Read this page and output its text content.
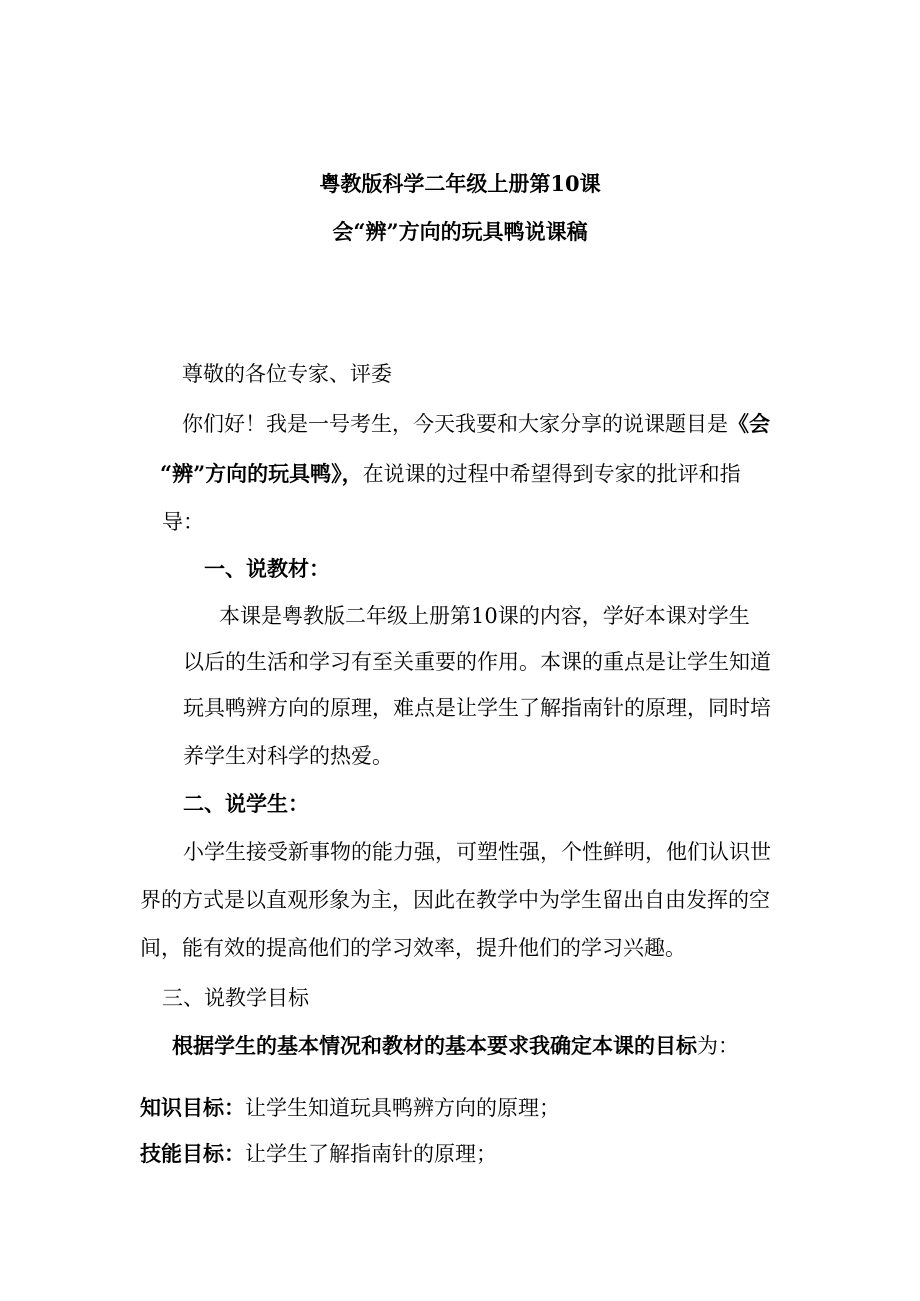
粤教版科学二年级上册第10课
会“辨”方向的玩具鸭说课稿
尊敬的各位专家、评委
你们好！我是一号考生，今天我要和大家分享的说课题目是《会
“辨”方向的玩具鸭》，在说课的过程中希望得到专家的批评和指
导：
一、说教材：
本课是粤教版二年级上册第10课的内容，学好本课对学生
以后的生活和学习有至关重要的作用。本课的重点是让学生知道
玩具鸭辨方向的原理，难点是让学生了解指南针的原理，同时培
养学生对科学的热爱。
二、说学生：
小学生接受新事物的能力强，可塑性强，个性鲜明，他们认识世
界的方式是以直观形象为主，因此在教学中为学生留出自由发挥的空
间，能有效的提高他们的学习效率，提升他们的学习兴趣。
三、说教学目标
根据学生的基本情况和教材的基本要求我确定本课的目标为：
知识目标：让学生知道玩具鸭辨方向的原理；
技能目标：让学生了解指南针的原理；
